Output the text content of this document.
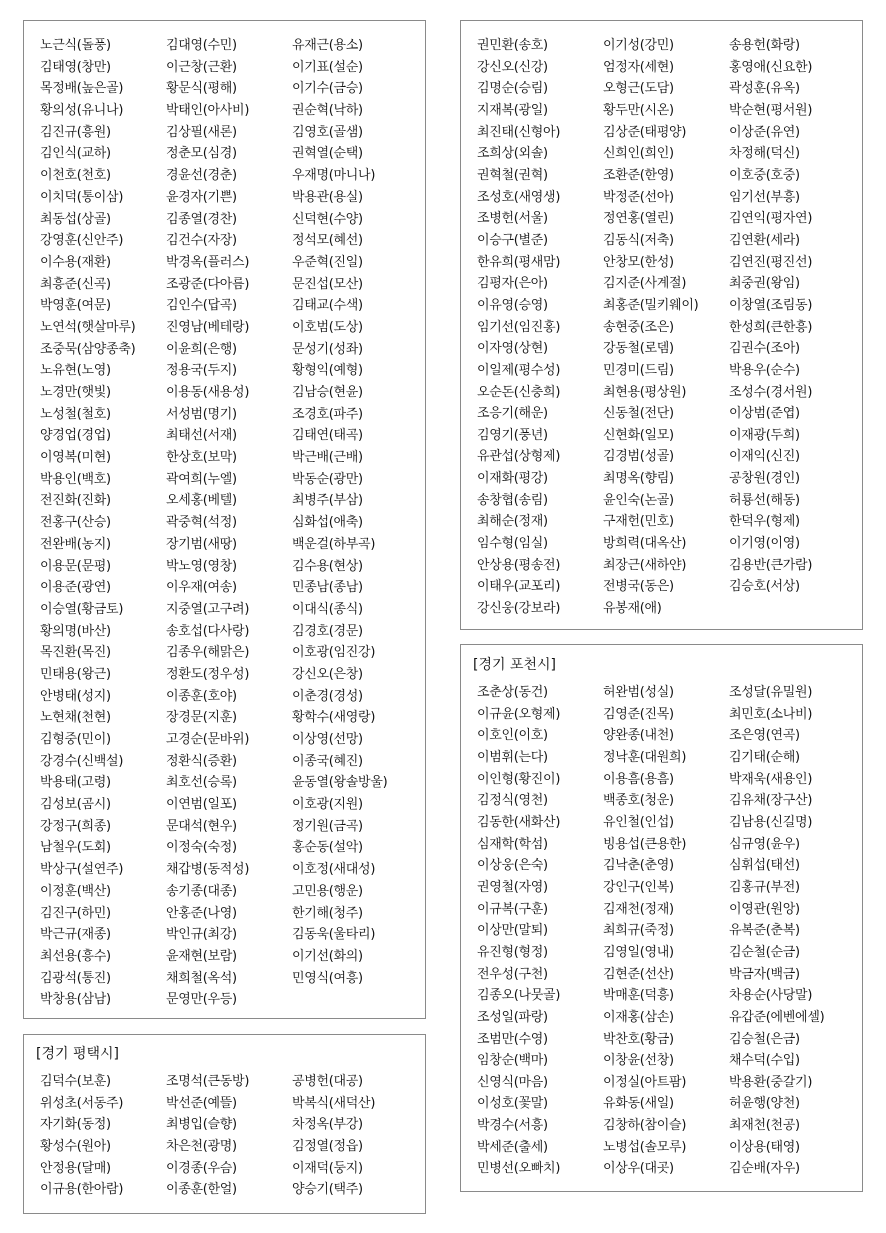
노근식(돌풍)	김대영(수민)	유재근(용소)
김태영(창만)	이근창(근환)	이기표(설순)
목정배(높은골)	황문식(평해)	이기수(금승)
황의성(유니나)	박태인(아사비)	권순혁(낙하)
김진규(흥원)	김상필(새론)	김영호(골샘)
김인식(교하)	정춘모(심경)	권혁열(순택)
이천호(천호)	경윤선(경춘)	우재명(마니나)
이치덕(통이삼)	윤경자(기쁜)	박용관(용실)
최동섭(상골)	김종열(경찬)	신덕현(수양)
강영훈(신안주)	김건수(자장)	정석모(혜선)
이수용(재환)	박경옥(플러스)	우준혁(진일)
최흥준(신곡)	조광준(다아름)	문진섭(모산)
박영훈(여문)	김인수(답곡)	김태교(수색)
노연석(햇살마루)	진영남(베테랑)	이호범(도상)
조중묵(삼양종축)	이윤희(은행)	문성기(성좌)
노유현(노영)	정용국(두지)	황형익(예형)
노경만(햇빛)	이용동(새용성)	김남승(현윤)
노성철(철호)	서성범(명기)	조경호(파주)
양경업(경업)	최태선(서재)	김태연(태곡)
이영복(미현)	한상호(보막)	박근배(근배)
박용인(백호)	곽여희(누엘)	박동순(광만)
전진화(진화)	오세홍(베텔)	최병주(부삼)
전홍구(산승)	곽중혁(석정)	심화섭(애축)
전완배(농지)	장기범(새땅)	백운걸(하부곡)
이용문(문평)	박노영(영창)	김수용(현상)
이용준(광연)	이우재(여송)	민종남(종남)
이승열(황금토)	지중열(고구려)	이대식(종식)
황의명(바산)	송호섭(다사랑)	김경호(경문)
목진환(목진)	김종우(해맑은)	이호광(임진강)
민태용(왕근)	정환도(정우성)	강신오(은창)
안병태(성지)	이종훈(호야)	이춘경(경성)
노현채(천현)	장경문(지훈)	황학수(새영랑)
김형중(민이)	고경순(문바위)	이상영(선망)
강경수(신백설)	정환식(증환)	이종국(혜진)
박용태(고령)	최호선(승록)	윤동열(왕솔방울)
김성보(곰시)	이연범(일포)	이호광(지원)
강정구(희종)	문대석(현우)	정기원(금곡)
남철우(도회)	이정숙(숙정)	홍순동(설악)
박상구(설연주)	채갑병(동적성)	이호정(새대성)
이정훈(백산)	송기종(대종)	고민용(행운)
김진구(하민)	안홍준(나영)	한기해(청주)
박근규(재종)	박인규(최강)	김동욱(울타리)
최선용(흥수)	윤재현(보람)	이기선(화의)
김광석(통진)	채희철(옥석)	민영식(여흥)
박창용(삼남)	문영만(우등)
[경기 평택시]
김덕수(보훈)	조명석(큰동방)	공병헌(대공)
위성초(서동주)	박선준(예뜰)	박복식(새덕산)
자기화(동정)	최병입(슬향)	차정옥(부강)
황성수(원아)	차은천(광명)	김정열(정읍)
안정용(달매)	이경종(우슴)	이재덕(둥지)
이규용(한아람)	이종훈(한얼)	양승기(택주)
권민환(송호)	이기성(강민)	송용헌(화랑)
강신오(신강)	엄정자(세현)	홍영애(신요한)
김명순(승림)	오형근(도담)	곽성훈(유옥)
지재복(광일)	황두만(시온)	박순현(평서원)
최진태(신형아)	김상준(태평양)	이상준(유연)
조희상(외솔)	신희인(희인)	차정해(덕신)
권혁철(권혁)	조환준(한영)	이호중(호중)
조성호(새영생)	박정준(선아)	임기선(부흥)
조병헌(서울)	정연홍(열린)	김연익(평자연)
이승구(별준)	김동식(저축)	김연환(세라)
한유희(평새맘)	안창모(한성)	김연진(평진선)
김평자(은아)	김지준(사계절)	최중권(왕임)
이유영(승영)	최홍준(밀키웨이)	이창열(조림동)
임기선(임진홍)	송현중(조은)	한성희(큰한흥)
이자영(상현)	강동철(로뎀)	김권수(조아)
이일제(평수성)	민경미(드림)	박용우(순수)
오순돈(신충희)	최현용(평상원)	조성수(경서원)
조응기(해운)	신동철(전단)	이상범(준엽)
김영기(풍년)	신현화(일모)	이재광(두희)
유관섭(상형제)	김경범(성골)	이재익(신진)
이재화(평강)	최명옥(향림)	공창원(경인)
송창협(송림)	윤인숙(논골)	허룡선(해동)
최해순(정재)	구재헌(민호)	한덕우(형제)
임수형(임실)	방희력(대옥산)	이기영(이영)
안상용(평송전)	최장근(새하얀)	김용반(큰가람)
이태우(교포리)	전병국(동은)	김승호(서상)
강신웅(강보라)	유봉재(애)
[경기 포천시]
조춘상(동건)	허완범(성실)	조성달(유밀원)
이규윤(오형제)	김영준(진목)	최민호(소나비)
이호인(이호)	양완종(내천)	조은영(연곡)
이범휘(는다)	정낙훈(대원희)	김기태(순해)
이인형(황진이)	이용흠(용흠)	박재욱(새용인)
김정식(영천)	백종호(청운)	김유채(장구산)
김동한(새화산)	유인철(인섭)	김남용(신길명)
심재학(학섬)	빙용섭(큰용한)	심규영(윤우)
이상웅(은숙)	김낙춘(춘영)	심휘섭(태선)
권영철(자영)	강인구(인복)	김홍규(부전)
이규복(구훈)	김재천(정재)	이영관(원앙)
이상만(말퇴)	최희규(죽정)	유복준(춘복)
유진형(형정)	김영일(영내)	김순철(순금)
전우성(구천)	김현준(선산)	박금자(백금)
김종오(나뭇골)	박매훈(덕흥)	차용순(사당말)
조성일(파랑)	이재홍(삼손)	유갑준(에벤에셀)
조범만(수영)	박찬호(황금)	김승철(은금)
임창순(백마)	이창윤(선창)	채수덕(수입)
신영식(마음)	이정실(아트팜)	박용환(중갈기)
이성호(꽃말)	유화동(새일)	허윤행(양천)
박경수(서흥)	김창하(참이슬)	최재천(천공)
박세준(출세)	노병섭(솔모루)	이상용(태영)
민병선(오빠치)	이상우(대곳)	김순배(자우)
